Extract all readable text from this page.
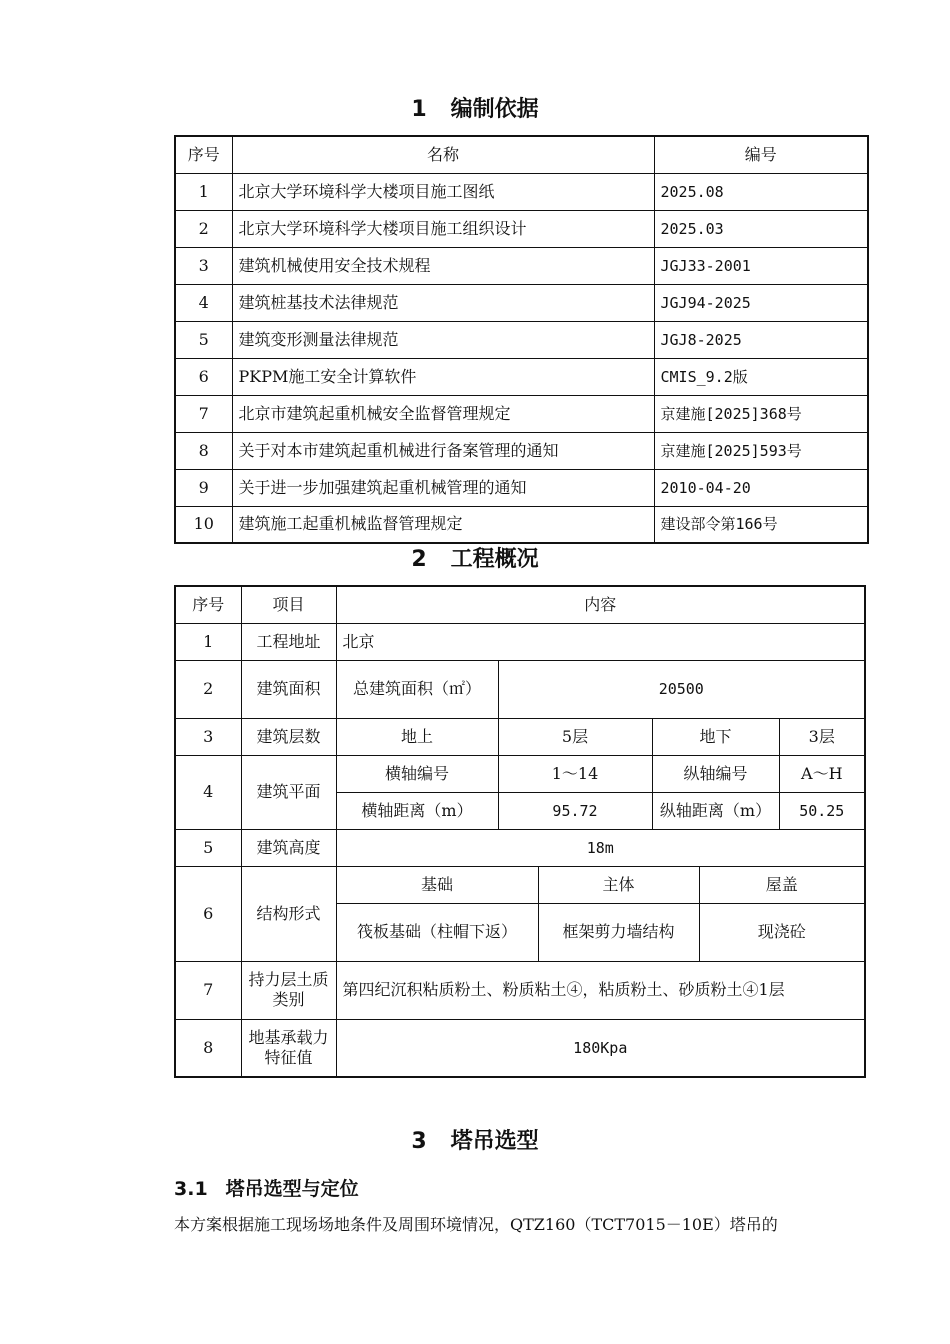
1 编制依据
序号	名称	编号
1	北京大学环境科学大楼项目施工图纸	2025.08
2	北京大学环境科学大楼项目施工组织设计	2025.03
3	建筑机械使用安全技术规程	JGJ33-2001
4	建筑桩基技术法律规范	JGJ94-2025
5	建筑变形测量法律规范	JGJ8-2025
6	PKPM施工安全计算软件	CMIS_9.2版
7	北京市建筑起重机械安全监督管理规定	京建施[2025]368号
8	关于对本市建筑起重机械进行备案管理的通知	京建施[2025]593号
9	关于进一步加强建筑起重机械管理的通知	2010-04-20
10	建筑施工起重机械监督管理规定	建设部令第166号
2 工程概况
序号	项目	内容					
1	工程地址	北京					
2	建筑面积	总建筑面积（㎡）	20500				
3	建筑层数	地上	5层		地下		3层
4	建筑平面	横轴编号	1～14		纵轴编号		A～H
		横轴距离（m）	95.72		纵轴距离（m）		50.25
5	建筑高度	18m					
6	结构形式	基础		主体		屋盖	
		筏板基础（柱帽下返）		框架剪力墙结构		现浇砼	
7	持力层土质类别	第四纪沉积粘质粉土、粉质粘土④，粘质粉土、砂质粉土④1层					
8	地基承载力特征值	180Kpa					
3 塔吊选型
3.1 塔吊选型与定位
本方案根据施工现场场地条件及周围环境情况，QTZ160（TCT7015－10E）塔吊的
